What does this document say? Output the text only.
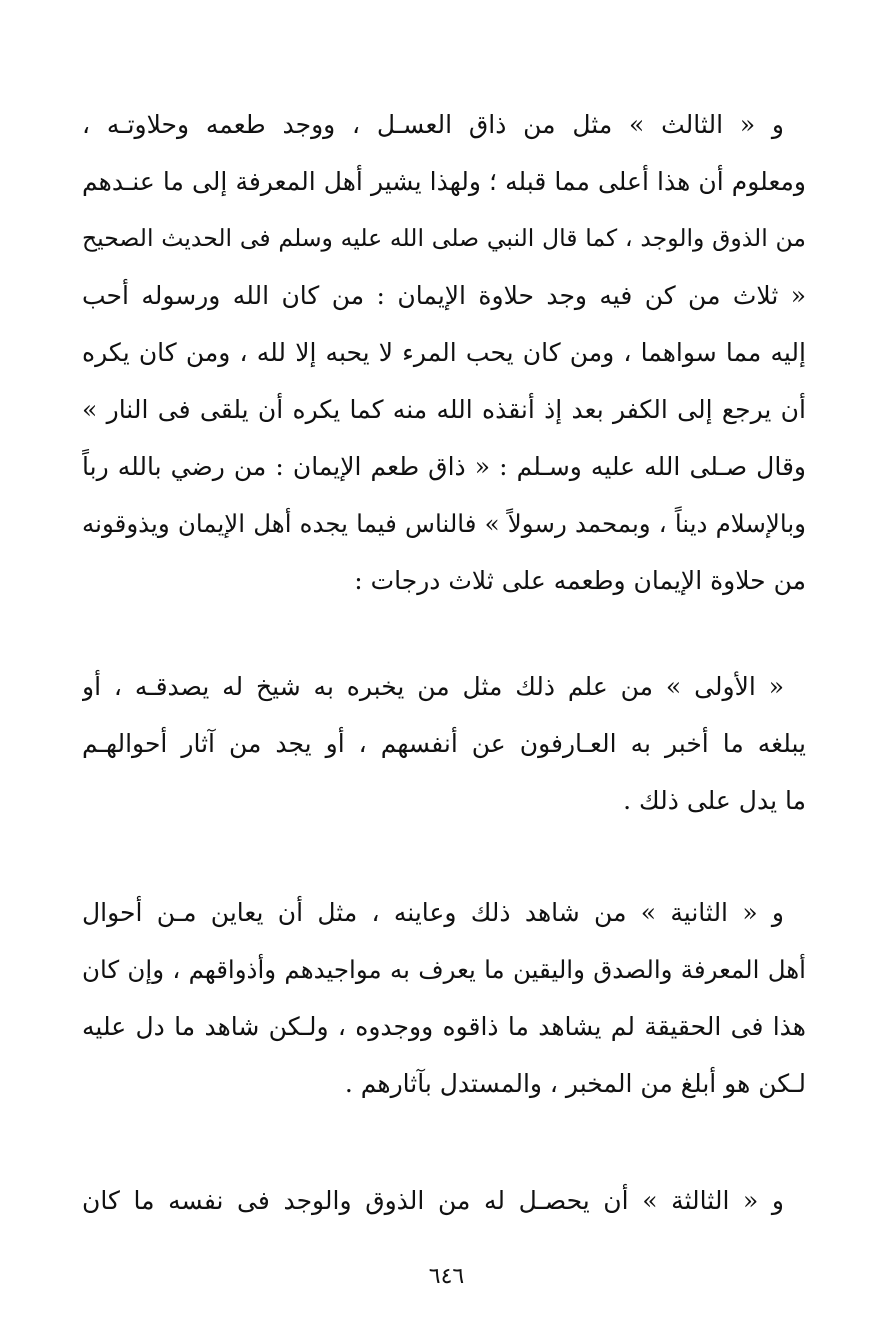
و « الثالث » مثل من ذاق العسـل ، ووجد طعمه وحلاوتـه ،
ومعلوم أن هذا أعلى مما قبله ؛ ولهذا يشير أهل المعرفة إلى ما عنـدهم
من الذوق والوجد ، كما قال النبي صلى الله عليه وسلم فى الحديث الصحيح
« ثلاث من كن فيه وجد حلاوة الإيمان : من كان الله ورسوله أحب
إليه مما سواهما ، ومن كان يحب المرء لا يحبه إلا لله ، ومن كان يكره
أن يرجع إلى الكفر بعد إذ أنقذه الله منه كما يكره أن يلقى فى النار »
وقال صـلى الله عليه وسـلم : « ذاق طعم الإيمان : من رضي بالله رباً
وبالإسلام ديناً ، وبمحمد رسولاً » فالناس فيما يجده أهل الإيمان ويذوقونه
من حلاوة الإيمان وطعمه على ثلاث درجات :
« الأولى » من علم ذلك مثل من يخبره به شيخ له يصدقـه ، أو
يبلغه ما أخبر به العـارفون عن أنفسهم ، أو يجد من آثار أحوالهـم
ما يدل على ذلك .
و « الثانية » من شاهد ذلك وعاينه ، مثل أن يعاين مـن أحوال
أهل المعرفة والصدق واليقين ما يعرف به مواجيدهم وأذواقهم ، وإن كان
هذا فى الحقيقة لم يشاهد ما ذاقوه ووجدوه ، ولـكن شاهد ما دل عليه
لـكن هو أبلغ من المخبر ، والمستدل بآثارهم .
و « الثالثة » أن يحصـل له من الذوق والوجد فى نفسه ما كان
٦٤٦
